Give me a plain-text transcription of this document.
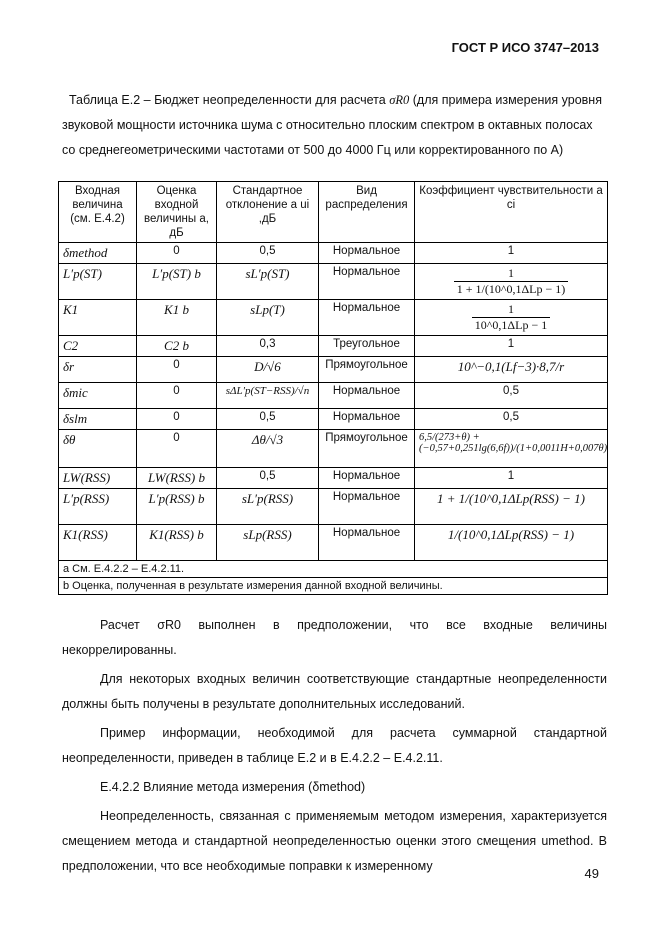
ГОСТ Р ИСО 3747–2013
Таблица Е.2 – Бюджет неопределенности для расчета σR0 (для примера измерения уровня звуковой мощности источника шума с относительно плоским спектром в октавных полосах со среднегеометрическими частотами от 500 до 4000 Гц или корректированного по A)
Входная величина (см. Е.4.2)	Оценка входной величины a, дБ	Стандартное отклонение a ui ,дБ	Вид распределения	Коэффициент чувствительности a ci
δmethod	0	0,5	Нормальное	1
L′p(ST)	L′p(ST) b	sL′p(ST)	Нормальное	$\frac{1}{\text{1 + 1/(10\textasciicircum{}0,1ΔLp − 1)}}$

K1	K1 b	sLp(T)	Нормальное	$\frac{1}{\text{10\textasciicircum{}0,1ΔLp − 1}}$

C2	C2 b	0,3	Треугольное	1
δr	0	D/√6	Прямоугольное	10^−0,1(Lf−3)·8,7/r
δmic	0	sΔL′p(ST−RSS)/√n	Нормальное	0,5
δslm	0	0,5	Нормальное	0,5
δθ	0	Δθ/√3	Прямоугольное	6,5/(273+θ) + (−0,57+0,251lg(6,6f))/(1+0,0011H+0,007θ)
LW(RSS)	LW(RSS) b	0,5	Нормальное	1
L′p(RSS)	L′p(RSS) b	sL′p(RSS)	Нормальное	1 + 1/(10^0,1ΔLp(RSS) − 1)
K1(RSS)	K1(RSS) b	sLp(RSS)	Нормальное	1/(10^0,1ΔLp(RSS) − 1)
a См. Е.4.2.2 – Е.4.2.11.				
b Оценка, полученная в результате измерения данной входной величины.				

Расчет σR0 выполнен в предположении, что все входные величины некоррелированны.

Для некоторых входных величин соответствующие стандартные неопределенности должны быть получены в результате дополнительных исследований.

Пример информации, необходимой для расчета суммарной стандартной неопределенности, приведен в таблице Е.2 и в Е.4.2.2 – Е.4.2.11.

Е.4.2.2 Влияние метода измерения (δmethod)

Неопределенность, связанная с применяемым методом измерения, характеризуется смещением метода и стандартной неопределенностью оценки этого смещения umethod. В предположении, что все необходимые поправки к измеренному	49
